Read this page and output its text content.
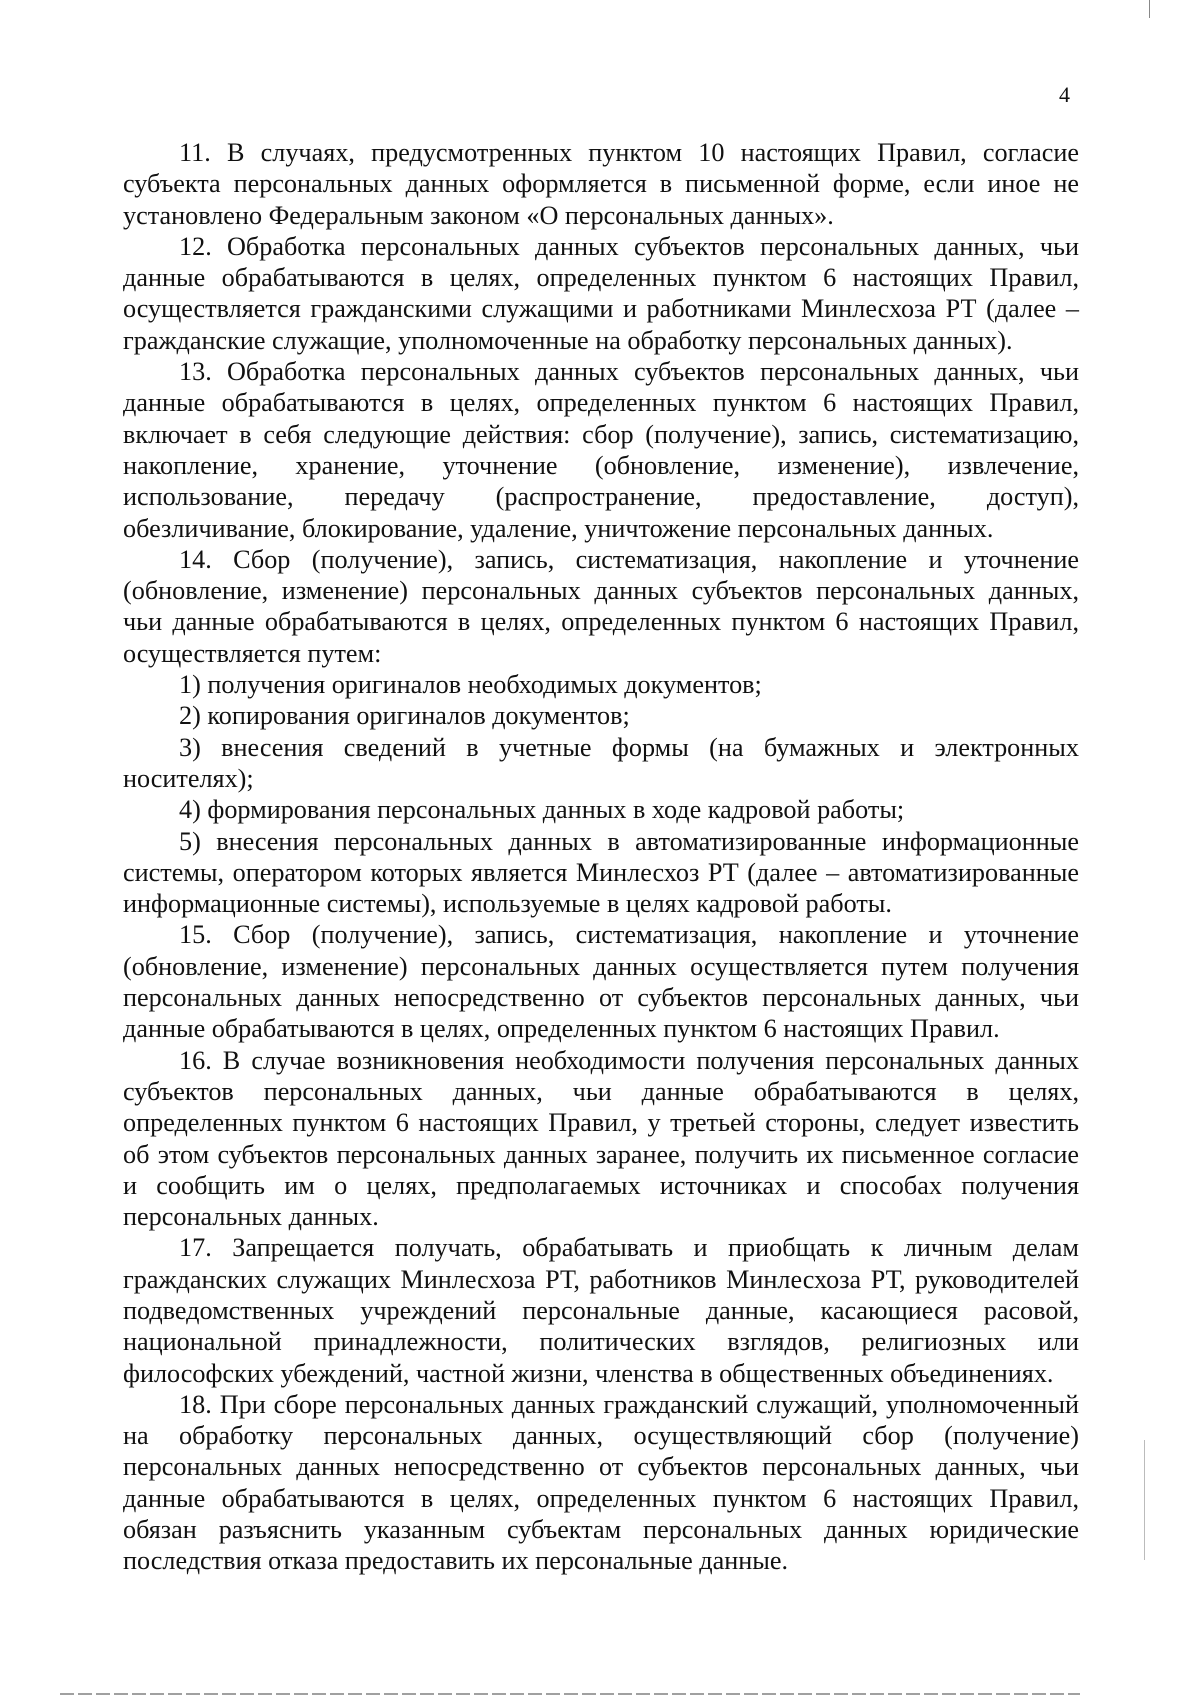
4

11. В случаях, предусмотренных пунктом 10 настоящих Правил, согласие субъекта персональных данных оформляется в письменной форме, если иное не установлено Федеральным законом «О персональных данных».

12. Обработка персональных данных субъектов персональных данных, чьи данные обрабатываются в целях, определенных пунктом 6 настоящих Правил, осуществляется гражданскими служащими и работниками Минлесхоза РТ (далее – гражданские служащие, уполномоченные на обработку персональных данных).

13. Обработка персональных данных субъектов персональных данных, чьи данные обрабатываются в целях, определенных пунктом 6 настоящих Правил, включает в себя следующие действия: сбор (получение), запись, систематизацию, накопление, хранение, уточнение (обновление, изменение), извлечение, использование, передачу (распространение, предоставление, доступ), обезличивание, блокирование, удаление, уничтожение персональных данных.

14. Сбор (получение), запись, систематизация, накопление и уточнение (обновление, изменение) персональных данных субъектов персональных данных, чьи данные обрабатываются в целях, определенных пунктом 6 настоящих Правил, осуществляется путем:

1) получения оригиналов необходимых документов;

2) копирования оригиналов документов;

3) внесения сведений в учетные формы (на бумажных и электронных носителях);

4) формирования персональных данных в ходе кадровой работы;

5) внесения персональных данных в автоматизированные информационные системы, оператором которых является Минлесхоз РТ (далее – автоматизированные информационные системы), используемые в целях кадровой работы.

15. Сбор (получение), запись, систематизация, накопление и уточнение (обновление, изменение) персональных данных осуществляется путем получения персональных данных непосредственно от субъектов персональных данных, чьи данные обрабатываются в целях, определенных пунктом 6 настоящих Правил.

16. В случае возникновения необходимости получения персональных данных субъектов персональных данных, чьи данные обрабатываются в целях, определенных пунктом 6 настоящих Правил, у третьей стороны, следует известить об этом субъектов персональных данных заранее, получить их письменное согласие и сообщить им о целях, предполагаемых источниках и способах получения персональных данных.

17. Запрещается получать, обрабатывать и приобщать к личным делам гражданских служащих Минлесхоза РТ, работников Минлесхоза РТ, руководителей подведомственных учреждений персональные данные, касающиеся расовой, национальной принадлежности, политических взглядов, религиозных или философских убеждений, частной жизни, членства в общественных объединениях.

18. При сборе персональных данных гражданский служащий, уполномоченный на обработку персональных данных, осуществляющий сбор (получение) персональных данных непосредственно от субъектов персональных данных, чьи данные обрабатываются в целях, определенных пунктом 6 настоящих Правил, обязан разъяснить указанным субъектам персональных данных юридические последствия отказа предоставить их персональные данные.
